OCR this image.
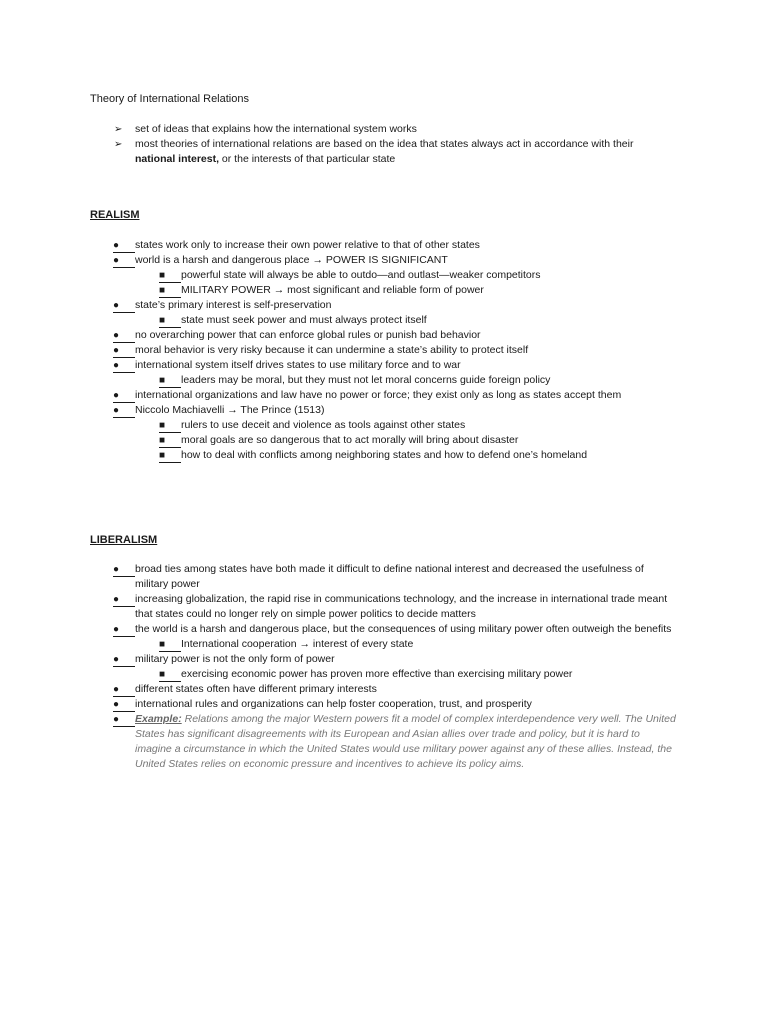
Theory of International Relations
➢ set of ideas that explains how the international system works
➢ most theories of international relations are based on the idea that states always act in accordance with their national interest, or the interests of that particular state
REALISM
●	states work only to increase their own power relative to that of other states
●	world is a harsh and dangerous place → POWER IS SIGNIFICANT
■	powerful state will always be able to outdo—and outlast—weaker competitors
■	MILITARY POWER → most significant and reliable form of power
●	state’s primary interest is self-preservation
■	state must seek power and must always protect itself
●	no overarching power that can enforce global rules or punish bad behavior
●	moral behavior is very risky because it can undermine a state’s ability to protect itself
●	international system itself drives states to use military force and to war
■	leaders may be moral, but they must not let moral concerns guide foreign policy
●	international organizations and law have no power or force; they exist only as long as states accept them
●	Niccolo Machiavelli → The Prince (1513)
■	rulers to use deceit and violence as tools against other states
■	moral goals are so dangerous that to act morally will bring about disaster
■	how to deal with conflicts among neighboring states and how to defend one’s homeland
LIBERALISM
●	broad ties among states have both made it difficult to define national interest and decreased the usefulness of military power
●	increasing globalization, the rapid rise in communications technology, and the increase in international trade meant that states could no longer rely on simple power politics to decide matters
●	the world is a harsh and dangerous place, but the consequences of using military power often outweigh the benefits
■	International cooperation → interest of every state
●	military power is not the only form of power
■	exercising economic power has proven more effective than exercising military power
●	different states often have different primary interests
●	international rules and organizations can help foster cooperation, trust, and prosperity
●	Example: Relations among the major Western powers fit a model of complex interdependence very well. The United States has significant disagreements with its European and Asian allies over trade and policy, but it is hard to imagine a circumstance in which the United States would use military power against any of these allies. Instead, the United States relies on economic pressure and incentives to achieve its policy aims.
